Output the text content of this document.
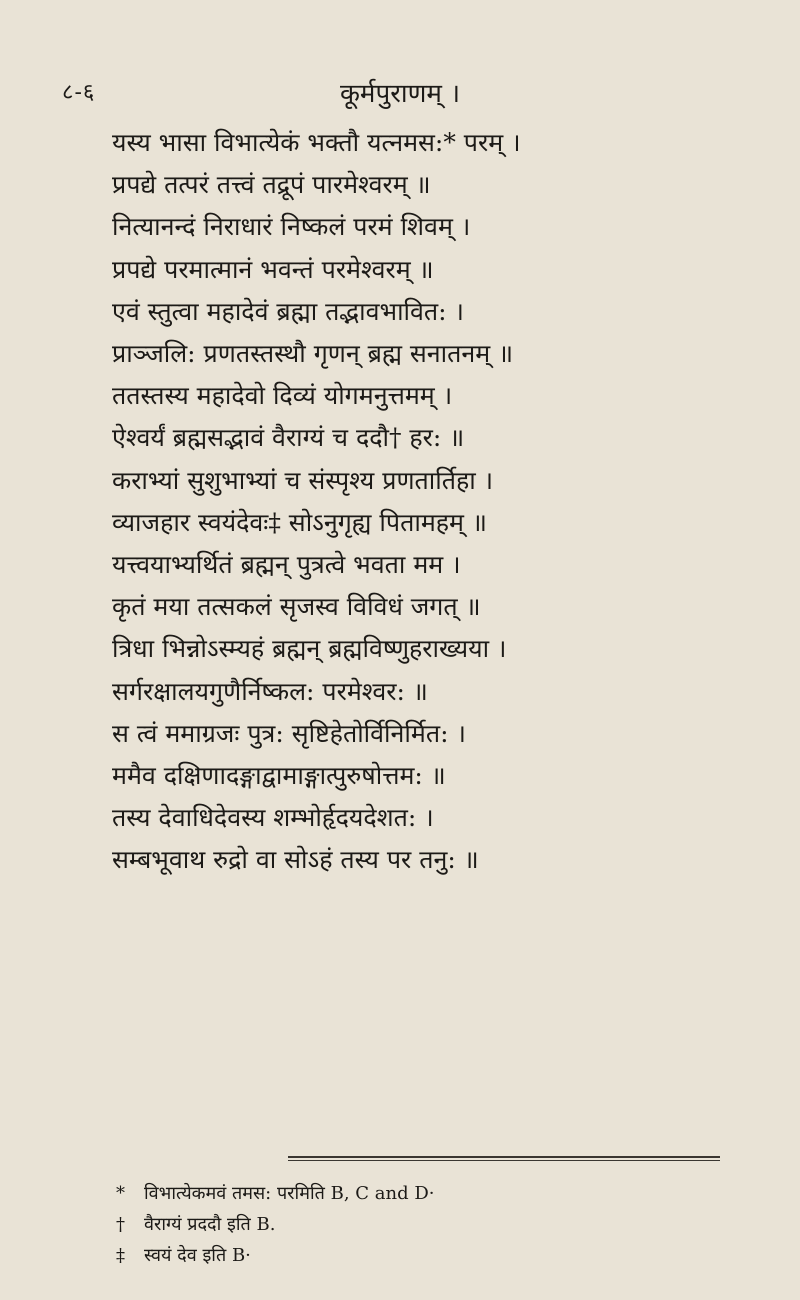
८-६	कूर्मपुराणम् ।
यस्य भासा विभात्येकं भक्तौ यत्नमस:* परम् ।
प्रपद्ये तत्परं तत्त्वं तद्रूपं पारमेश्वरम् ॥
नित्यानन्दं निराधारं निष्कलं परमं शिवम् ।
प्रपद्ये परमात्मानं भवन्तं परमेश्वरम् ॥
एवं स्तुत्वा महादेवं ब्रह्मा तद्भावभावित: ।
प्राञ्जलि: प्रणतस्तस्थौ गृणन् ब्रह्म सनातनम् ॥
ततस्तस्य महादेवो दिव्यं योगमनुत्तमम् ।
ऐश्वर्यं ब्रह्मसद्भावं वैराग्यं च ददौ† हर: ॥
कराभ्यां सुशुभाभ्यां च संस्पृश्य प्रणतार्तिहा ।
व्याजहार स्वयंदेवः‡ सोऽनुगृह्य पितामहम् ॥
यत्त्वयाभ्यर्थितं ब्रह्मन् पुत्रत्वे भवता मम ।
कृतं मया तत्सकलं सृजस्व विविधं जगत् ॥
त्रिधा भिन्नोऽस्म्यहं ब्रह्मन् ब्रह्मविष्णुहराख्यया ।
सर्गरक्षालयगुणैर्निष्कल: परमेश्वर: ॥
स त्वं ममाग्रजः पुत्र: सृष्टिहेतोर्विनिर्मित: ।
ममैव दक्षिणादङ्गाद्वामाङ्गात्पुरुषोत्तम: ॥
तस्य देवाधिदेवस्य शम्भोर्हृदयदेशत: ।
सम्बभूवाथ रुद्रो वा सोऽहं तस्य पर तनु: ॥
* विभात्येकमवं तमस: परमिति B, C and D·
† वैराग्यं प्रददौ इति B.
‡ स्वयं देव इति B·
